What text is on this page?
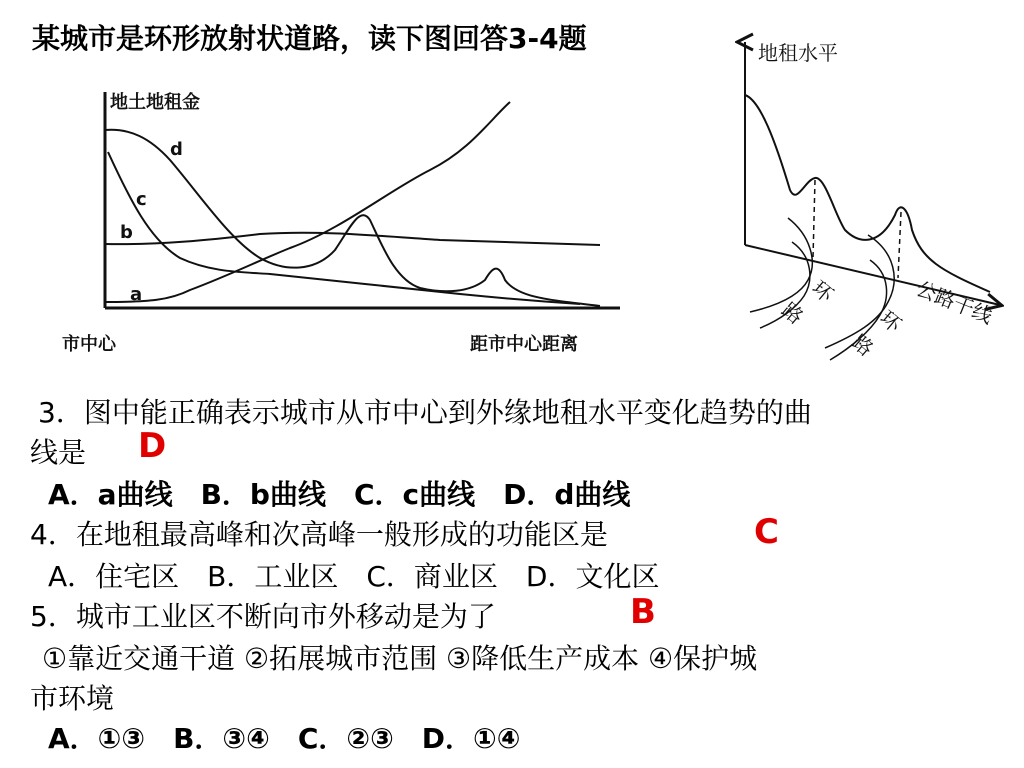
某城市是环形放射状道路，读下图回答3-4题
地土地租金
市中心	距市中心距离
a
b
c
d
地租水平
环
路	环
路
公路干线
3．图中能正确表示城市从市中心到外缘地租水平变化趋势的曲
线是 D
A．a曲线　B．b曲线　C．c曲线　D．d曲线
4．在地租最高峰和次高峰一般形成的功能区是	C
A．住宅区　B．工业区　C．商业区　D．文化区
5．城市工业区不断向市外移动是为了	B
①靠近交通干道 ②拓展城市范围 ③降低生产成本 ④保护城
市环境
A．①③　B．③④　C．②③　D．①④
